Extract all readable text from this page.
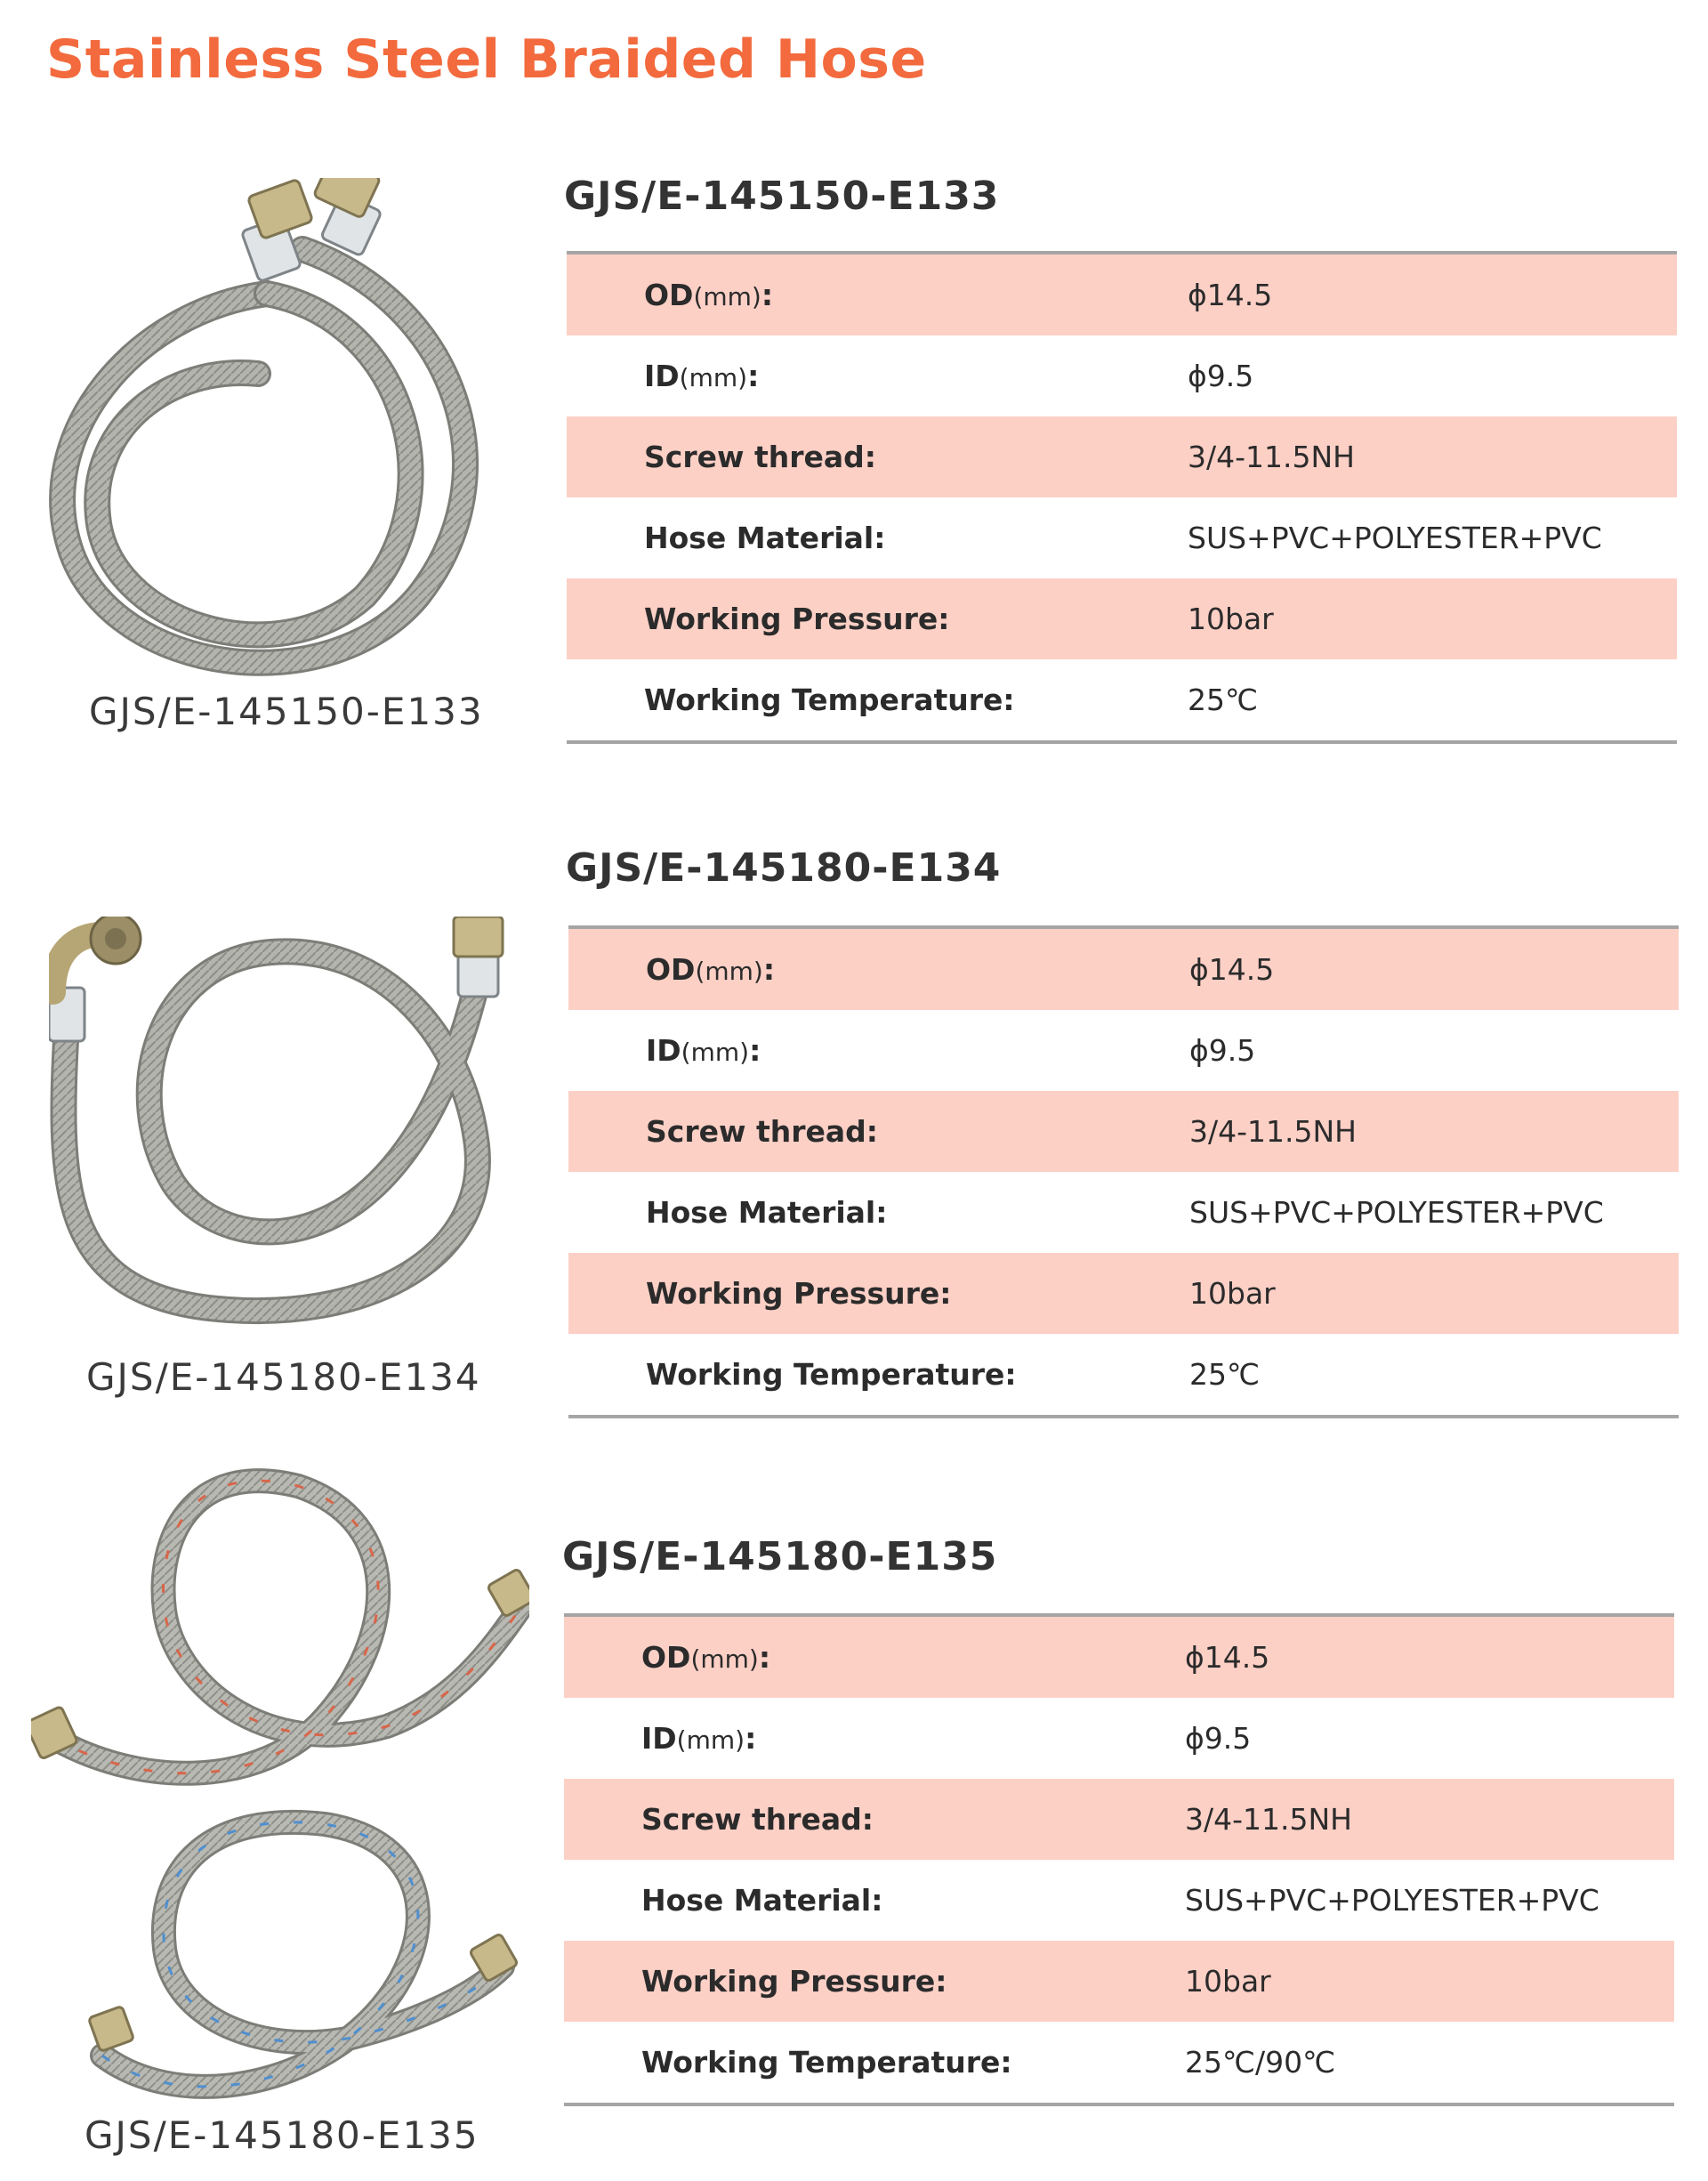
Stainless Steel Braided Hose
GJS/E-145150-E133
GJS/E-145150-E133
OD(mm):	ϕ14.5
ID(mm):	ϕ9.5
Screw thread:	3/4-11.5NH
Hose Material:	SUS+PVC+POLYESTER+PVC
Working Pressure:	10bar
Working Temperature:	25℃
GJS/E-145180-E134
GJS/E-145180-E134
OD(mm):	ϕ14.5
ID(mm):	ϕ9.5
Screw thread:	3/4-11.5NH
Hose Material:	SUS+PVC+POLYESTER+PVC
Working Pressure:	10bar
Working Temperature:	25℃
GJS/E-145180-E135
GJS/E-145180-E135
OD(mm):	ϕ14.5
ID(mm):	ϕ9.5
Screw thread:	3/4-11.5NH
Hose Material:	SUS+PVC+POLYESTER+PVC
Working Pressure:	10bar
Working Temperature:	25℃/90℃
